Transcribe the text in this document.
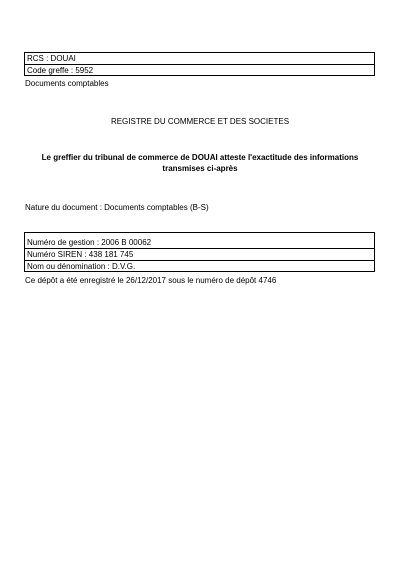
RCS : DOUAI
Code greffe : 5952
Documents comptables
REGISTRE DU COMMERCE ET DES SOCIETES
Le greffier du tribunal de commerce de DOUAI atteste l'exactitude des informations
transmises ci-après
Nature du document : Documents comptables (B-S)
Numéro de gestion : 2006 B 00062
Numéro SIREN : 438 181 745
Nom ou dénomination : D.V.G.
Ce dépôt a été enregistré le 26/12/2017 sous le numéro de dépôt 4746
